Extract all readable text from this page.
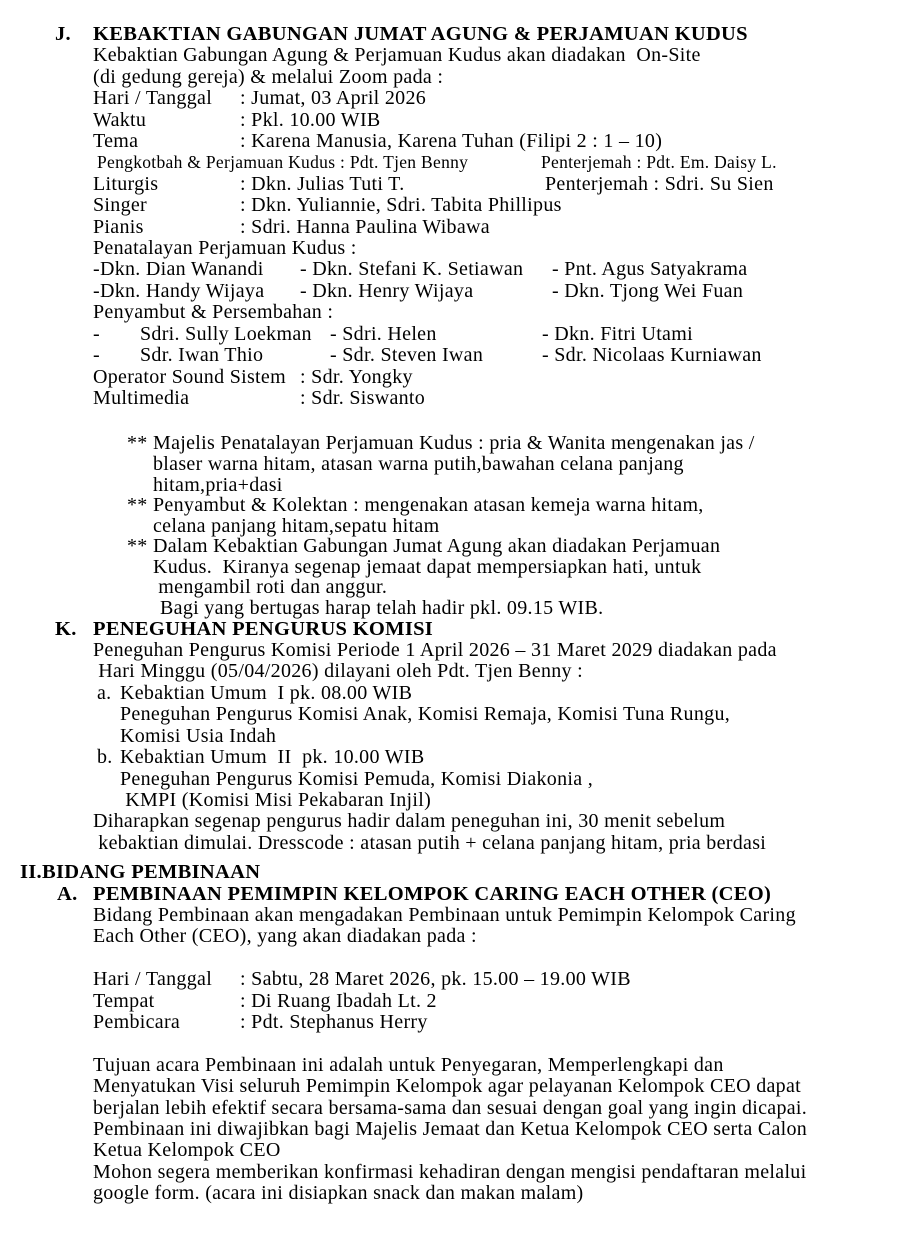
J.	KEBAKTIAN GABUNGAN JUMAT AGUNG & PERJAMUAN KUDUS
Kebaktian Gabungan Agung & Perjamuan Kudus akan diadakan  On-Site
(di gedung gereja) & melalui Zoom pada :
Hari / Tanggal	: Jumat, 03 April 2026
Waktu	: Pkl. 10.00 WIB
Tema	: Karena Manusia, Karena Tuhan (Filipi 2 : 1 – 10)
Pengkotbah & Perjamuan Kudus : Pdt. Tjen Benny	Penterjemah : Pdt. Em. Daisy L.
Liturgis	: Dkn. Julias Tuti T.	Penterjemah : Sdri. Su Sien
Singer	: Dkn. Yuliannie, Sdri. Tabita Phillipus
Pianis	: Sdri. Hanna Paulina Wibawa
Penatalayan Perjamuan Kudus :
-Dkn. Dian Wanandi	- Dkn. Stefani K. Setiawan	- Pnt. Agus Satyakrama
-Dkn. Handy Wijaya	- Dkn. Henry Wijaya	- Dkn. Tjong Wei Fuan
Penyambut & Persembahan :
-	Sdri. Sully Loekman - Sdri. Helen	- Dkn. Fitri Utami
-	Sdr. Iwan Thio	- Sdr. Steven Iwan	- Sdr. Nicolaas Kurniawan
Operator Sound Sistem : Sdr. Yongky
Multimedia	: Sdr. Siswanto
** Majelis Penatalayan Perjamuan Kudus : pria & Wanita mengenakan jas /
blaser warna hitam, atasan warna putih,bawahan celana panjang
hitam,pria+dasi
** Penyambut & Kolektan : mengenakan atasan kemeja warna hitam,
celana panjang hitam,sepatu hitam
** Dalam Kebaktian Gabungan Jumat Agung akan diadakan Perjamuan
Kudus.  Kiranya segenap jemaat dapat mempersiapkan hati, untuk
mengambil roti dan anggur.
Bagi yang bertugas harap telah hadir pkl. 09.15 WIB.
K. PENEGUHAN PENGURUS KOMISI
Peneguhan Pengurus Komisi Periode 1 April 2026 – 31 Maret 2029 diadakan pada
Hari Minggu (05/04/2026) dilayani oleh Pdt. Tjen Benny :
a. Kebaktian Umum  I pk. 08.00 WIB
Peneguhan Pengurus Komisi Anak, Komisi Remaja, Komisi Tuna Rungu,
Komisi Usia Indah
b. Kebaktian Umum  II  pk. 10.00 WIB
Peneguhan Pengurus Komisi Pemuda, Komisi Diakonia ,
KMPI (Komisi Misi Pekabaran Injil)
Diharapkan segenap pengurus hadir dalam peneguhan ini, 30 menit sebelum
kebaktian dimulai. Dresscode : atasan putih + celana panjang hitam, pria berdasi
II.BIDANG PEMBINAAN
A. PEMBINAAN PEMIMPIN KELOMPOK CARING EACH OTHER (CEO)
Bidang Pembinaan akan mengadakan Pembinaan untuk Pemimpin Kelompok Caring
Each Other (CEO), yang akan diadakan pada :
Hari / Tanggal	: Sabtu, 28 Maret 2026, pk. 15.00 – 19.00 WIB
Tempat	: Di Ruang Ibadah Lt. 2
Pembicara	: Pdt. Stephanus Herry
Tujuan acara Pembinaan ini adalah untuk Penyegaran, Memperlengkapi dan
Menyatukan Visi seluruh Pemimpin Kelompok agar pelayanan Kelompok CEO dapat
berjalan lebih efektif secara bersama-sama dan sesuai dengan goal yang ingin dicapai.
Pembinaan ini diwajibkan bagi Majelis Jemaat dan Ketua Kelompok CEO serta Calon
Ketua Kelompok CEO
Mohon segera memberikan konfirmasi kehadiran dengan mengisi pendaftaran melalui
google form. (acara ini disiapkan snack dan makan malam)
